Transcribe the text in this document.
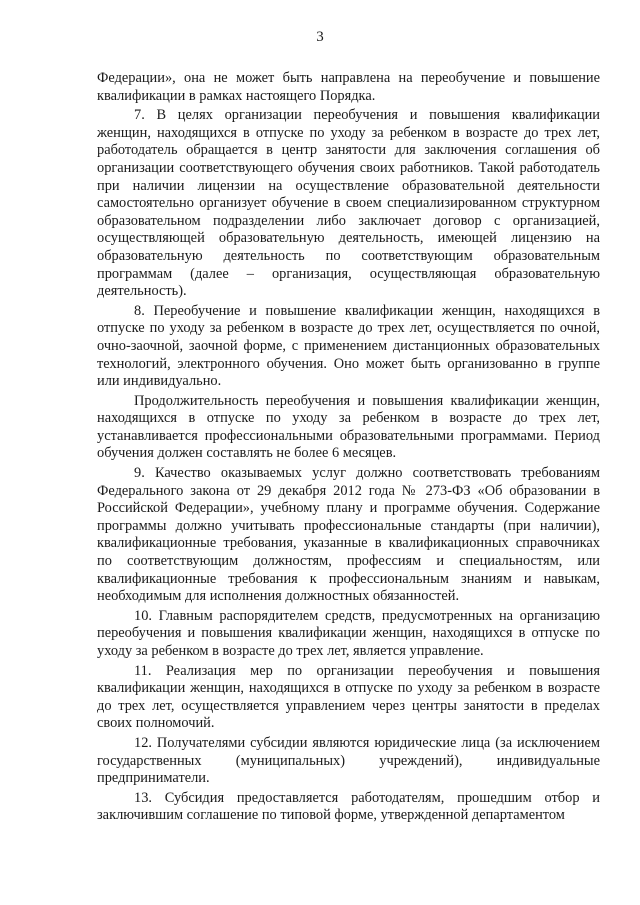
3

Федерации», она не может быть направлена на переобучение и повышение квалификации в рамках настоящего Порядка.

7. В целях организации переобучения и повышения квалификации женщин, находящихся в отпуске по уходу за ребенком в возрасте до трех лет, работодатель обращается в центр занятости для заключения соглашения об организации соответствующего обучения своих работников. Такой работодатель при наличии лицензии на осуществление образовательной деятельности самостоятельно организует обучение в своем специализированном структурном образовательном подразделении либо заключает договор с организацией, осуществляющей образовательную деятельность, имеющей лицензию на образовательную деятельность по соответствующим образовательным программам (далее – организация, осуществляющая образовательную деятельность).

8. Переобучение и повышение квалификации женщин, находящихся в отпуске по уходу за ребенком в возрасте до трех лет, осуществляется по очной, очно-заочной, заочной форме, с применением дистанционных образовательных технологий, электронного обучения. Оно может быть организованно в группе или индивидуально.

Продолжительность переобучения и повышения квалификации женщин, находящихся в отпуске по уходу за ребенком в возрасте до трех лет, устанавливается профессиональными образовательными программами. Период обучения должен составлять не более 6 месяцев.

9. Качество оказываемых услуг должно соответствовать требованиям Федерального закона от 29 декабря 2012 года № 273-ФЗ «Об образовании в Российской Федерации», учебному плану и программе обучения. Содержание программы должно учитывать профессиональные стандарты (при наличии), квалификационные требования, указанные в квалификационных справочниках по соответствующим должностям, профессиям и специальностям, или квалификационные требования к профессиональным знаниям и навыкам, необходимым для исполнения должностных обязанностей.

10. Главным распорядителем средств, предусмотренных на организацию переобучения и повышения квалификации женщин, находящихся в отпуске по уходу за ребенком в возрасте до трех лет, является управление.

11. Реализация мер по организации переобучения и повышения квалификации женщин, находящихся в отпуске по уходу за ребенком в возрасте до трех лет, осуществляется управлением через центры занятости в пределах своих полномочий.

12. Получателями субсидии являются юридические лица (за исключением государственных (муниципальных) учреждений), индивидуальные предприниматели.

13. Субсидия предоставляется работодателям, прошедшим отбор и заключившим соглашение по типовой форме, утвержденной департаментом
